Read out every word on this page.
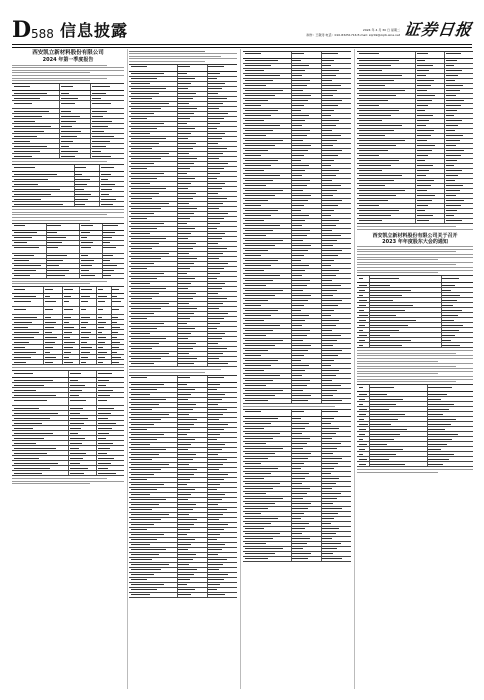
D 588 信息披露	2024 年 4 月 30 日 星期二
制作：王敬涛 电话：010-83251716 E-mail: zqrb9@zqrb.sina.net 证券日报
西安凯立新材料股份有限公司
2024 年第一季度报告
西安凯立新材料股份有限公司关于召开
2023 年年度股东大会的通知
